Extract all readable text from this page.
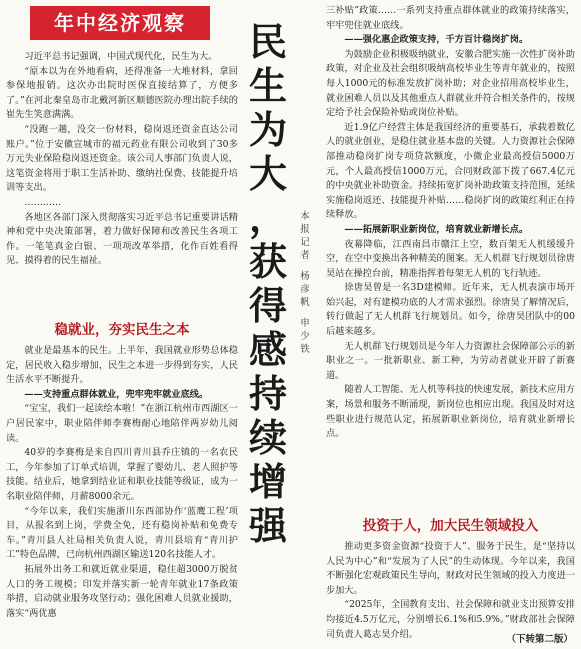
年中经济观察

习近平总书记强调，中国式现代化，民生为大。

“原本以为在外地看病，还得准备一大堆材料，拿回参保地报销。这次办出院时医保直接结算了，方便多了。”在河北秦皇岛市北戴河新区顺德医院办理出院手续的崔先生笑意满满。

“没跑一趟，没交一份材料，稳岗返还资金直达公司账户。”位于安徽宣城市的福元药业有限公司收到了30多万元失业保险稳岗返还资金。该公司人事部门负责人说，这笔资金将用于职工生活补助、缴纳社保费、技能提升培训等支出。

…………

各地区各部门深入贯彻落实习近平总书记重要讲话精神和党中央决策部署，着力做好保障和改善民生各项工作。一笔笔真金白银、一项项改革举措，化作百姓看得见、摸得着的民生福祉。

稳就业，夯实民生之本

就业是最基本的民生。上半年，我国就业形势总体稳定，居民收入稳步增加，民生之本进一步得到夯实，人民生活水平不断提升。

——支持重点群体就业，兜牢兜牢就业底线。

“宝宝，我们一起读绘本啦！”在浙江杭州市西湖区一户居民家中，职业陪伴师李赛梅耐心地陪伴两岁幼儿阅读。

40岁的李赛梅是来自四川青川县乔庄镇的一名农民工，今年参加了订单式培训，掌握了婴幼儿、老人照护等技能。结业后，她拿到结业证和职业技能等级证，成为一名职业陪伴师，月薪8000余元。

“今年以来，我们实施浙川东西部协作‘蓝鹰工程’项目，从报名到上岗，学费全免，还有稳岗补贴和免费专车。”青川县人社局相关负责人说，青川县培育“青川护工”特色品牌，已向杭州西湖区输送120名技能人才。

拓展外出务工和就近就业渠道，稳住超3000万脱贫人口的务工规模；印发并落实新一轮青年就业17条政策举措，启动就业服务攻坚行动；强化困难人员就业援助，落实“两优惠

民
生
为
大
，
获
得
感
持
续
增
强
本
报
记
者
杨
彦
帆
申
少
铁

三补贴”政策……一系列支持重点群体就业的政策持续落实，牢牢兜住就业底线。

——强化惠企政策支持，千方百计稳岗扩岗。

为鼓励企业积极吸纳就业，安徽合肥实施一次性扩岗补助政策，对企业及社会组织吸纳高校毕业生等青年就业的，按照每人1000元的标准发放扩岗补助；对企业招用高校毕业生，就业困难人员以及其他重点人群就业并符合相关条件的，按规定给予社会保险补贴或岗位补贴。

近1.9亿户经营主体是我国经济的重要基石，承载着数亿人的就业创业，是稳住就业基本盘的关键。人力资源社会保障部推动稳岗扩岗专项贷款额度，小微企业最高授信5000万元，个人最高授信1000万元，合同财政部下拨了667.4亿元的中央就业补助资金。持续拓宽扩岗补助政策支持范围，延续实施稳岗返还、技能提升补贴……稳岗扩岗的政策红利正在持续释放。

——拓展新职业新岗位，培育就业新增长点。

夜幕降临，江西南昌市赣江上空，数百架无人机缓缓升空，在空中变换出各种精美的图案。无人机群飞行规划员徐唐昊站在操控台前，精准指挥着每架无人机的飞行轨迹。

徐唐昊曾是一名3D建模师。近年来，无人机表演市场开始兴起，对有建模功底的人才需求强烈。徐唐昊了解情况后，转行做起了无人机群飞行规划员。如今，徐唐昊团队中的00后越来越多。

无人机群飞行规划员是今年人力资源社会保障部公示的新职业之一。一批新职业、新工种，为劳动者就业开辟了新赛道。

随着人工智能、无人机等科技的快速发展，新技术应用方案，场景和服务不断涌现，新岗位也相应出现。我国及时对这些职业进行规范认定，拓展新职业新岗位，培育就业新增长点。

投资于人，加大民生领域投入

推动更多资金资源“投资于人”、服务于民生，是“坚持以人民为中心”和“发展为了人民”的生动体现。今年以来，我国不断强化宏观政策民生导向，财政对民生领域的投入力度进一步加大。

“2025年，全国教育支出、社会保障和就业支出预算安排均接近4.5万亿元，分别增长6.1%和5.9%。”财政部社会保障司负责人葛志昊介绍。	（下转第二版）
